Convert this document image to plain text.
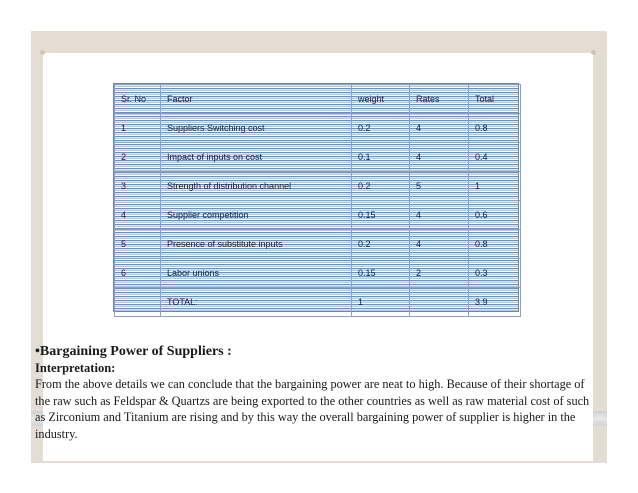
Sr. No	Factor	weight	Rates	Total
1	Suppliers Switching cost	0.2	4	0.8
2	Impact of inputs on cost	0.1	4	0.4
3	Strength of distribution channel	0.2	5	1
4	Supplier competition	0.15	4	0.6
5	Presence of substitute inputs	0.2	4	0.8
6	Labor unions	0.15	2	0.3
	TOTAL:	1		3.9

•Bargaining Power of Suppliers :

Interpretation:

From the above details we can conclude that the bargaining power are neat to high. Because of their shortage of the raw such as Feldspar & Quartzs are being exported to the other countries as well as raw material cost of such as Zirconium and Titanium are rising and by this way the overall bargaining power of supplier is higher in the industry.
